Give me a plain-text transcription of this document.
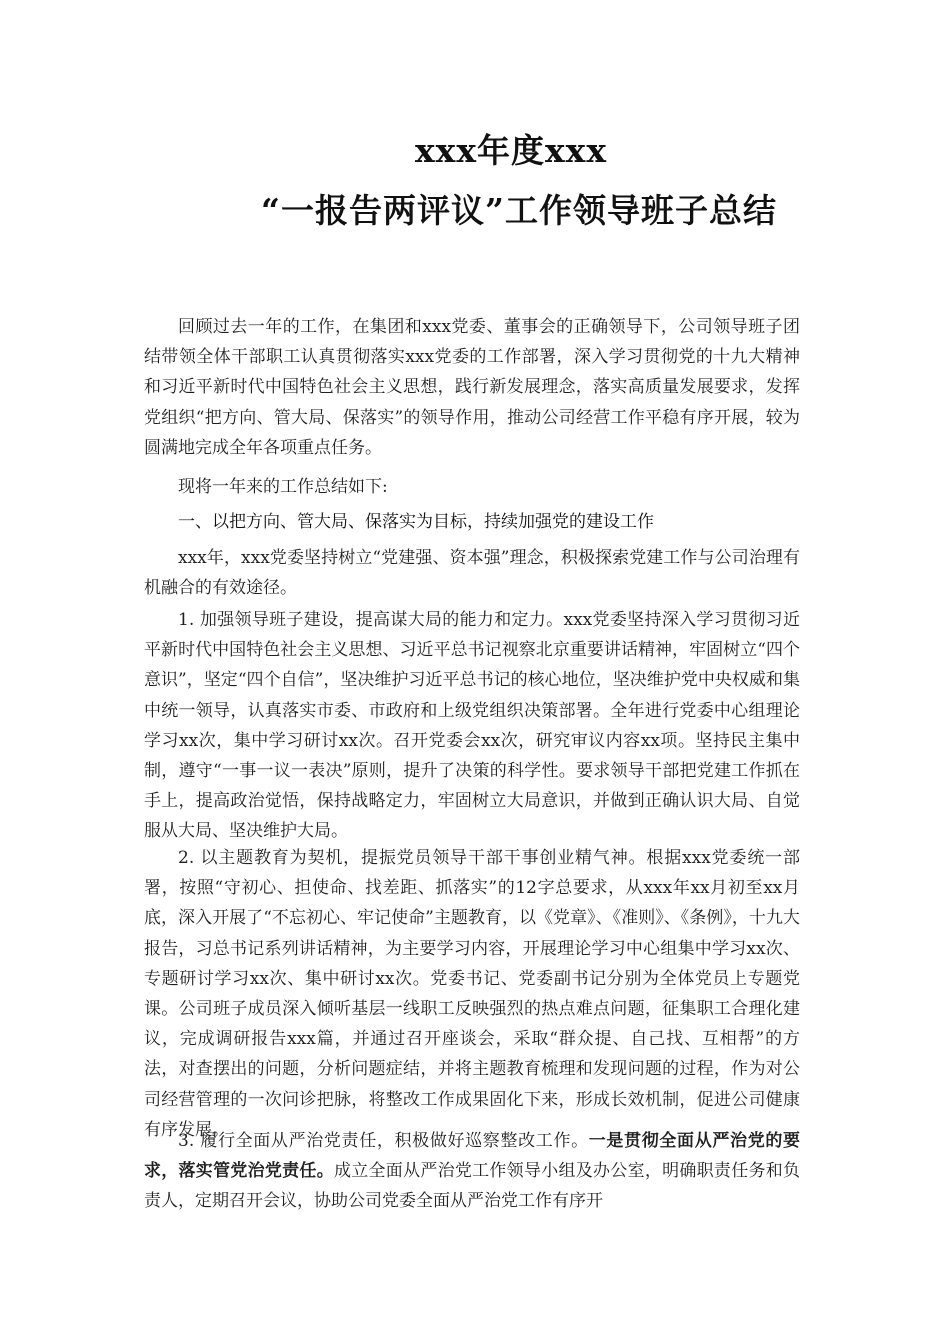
xxx年度xxx
“一报告两评议”工作领导班子总结

回顾过去一年的工作，在集团和xxx党委、董事会的正确领导下，公司领导班子团结带领全体干部职工认真贯彻落实xxx党委的工作部署，深入学习贯彻党的十九大精神和习近平新时代中国特色社会主义思想，践行新发展理念，落实高质量发展要求，发挥党组织“把方向、管大局、保落实”的领导作用，推动公司经营工作平稳有序开展，较为圆满地完成全年各项重点任务。

现将一年来的工作总结如下:

一、以把方向、管大局、保落实为目标，持续加强党的建设工作

xxx年，xxx党委坚持树立“党建强、资本强”理念，积极探索党建工作与公司治理有机融合的有效途径。

1. 加强领导班子建设，提高谋大局的能力和定力。xxx党委坚持深入学习贯彻习近平新时代中国特色社会主义思想、习近平总书记视察北京重要讲话精神，牢固树立“四个意识”，坚定“四个自信”，坚决维护习近平总书记的核心地位，坚决维护党中央权威和集中统一领导，认真落实市委、市政府和上级党组织决策部署。全年进行党委中心组理论学习xx次，集中学习研讨xx次。召开党委会xx次，研究审议内容xx项。坚持民主集中制，遵守“一事一议一表决”原则，提升了决策的科学性。要求领导干部把党建工作抓在手上，提高政治觉悟，保持战略定力，牢固树立大局意识，并做到正确认识大局、自觉服从大局、坚决维护大局。

2. 以主题教育为契机，提振党员领导干部干事创业精气神。根据xxx党委统一部署，按照“守初心、担使命、找差距、抓落实”的12字总要求，从xxx年xx月初至xx月底，深入开展了“不忘初心、牢记使命”主题教育，以《党章》、《准则》、《条例》，十九大报告，习总书记系列讲话精神，为主要学习内容，开展理论学习中心组集中学习xx次、专题研讨学习xx次、集中研讨xx次。党委书记、党委副书记分别为全体党员上专题党课。公司班子成员深入倾听基层一线职工反映强烈的热点难点问题，征集职工合理化建议，完成调研报告xxx篇，并通过召开座谈会，采取“群众提、自己找、互相帮”的方法，对查摆出的问题，分析问题症结，并将主题教育梳理和发现问题的过程，作为对公司经营管理的一次问诊把脉，将整改工作成果固化下来，形成长效机制，促进公司健康有序发展。

3. 履行全面从严治党责任，积极做好巡察整改工作。一是贯彻全面从严治党的要求，落实管党治党责任。成立全面从严治党工作领导小组及办公室，明确职责任务和负责人，定期召开会议，协助公司党委全面从严治党工作有序开
